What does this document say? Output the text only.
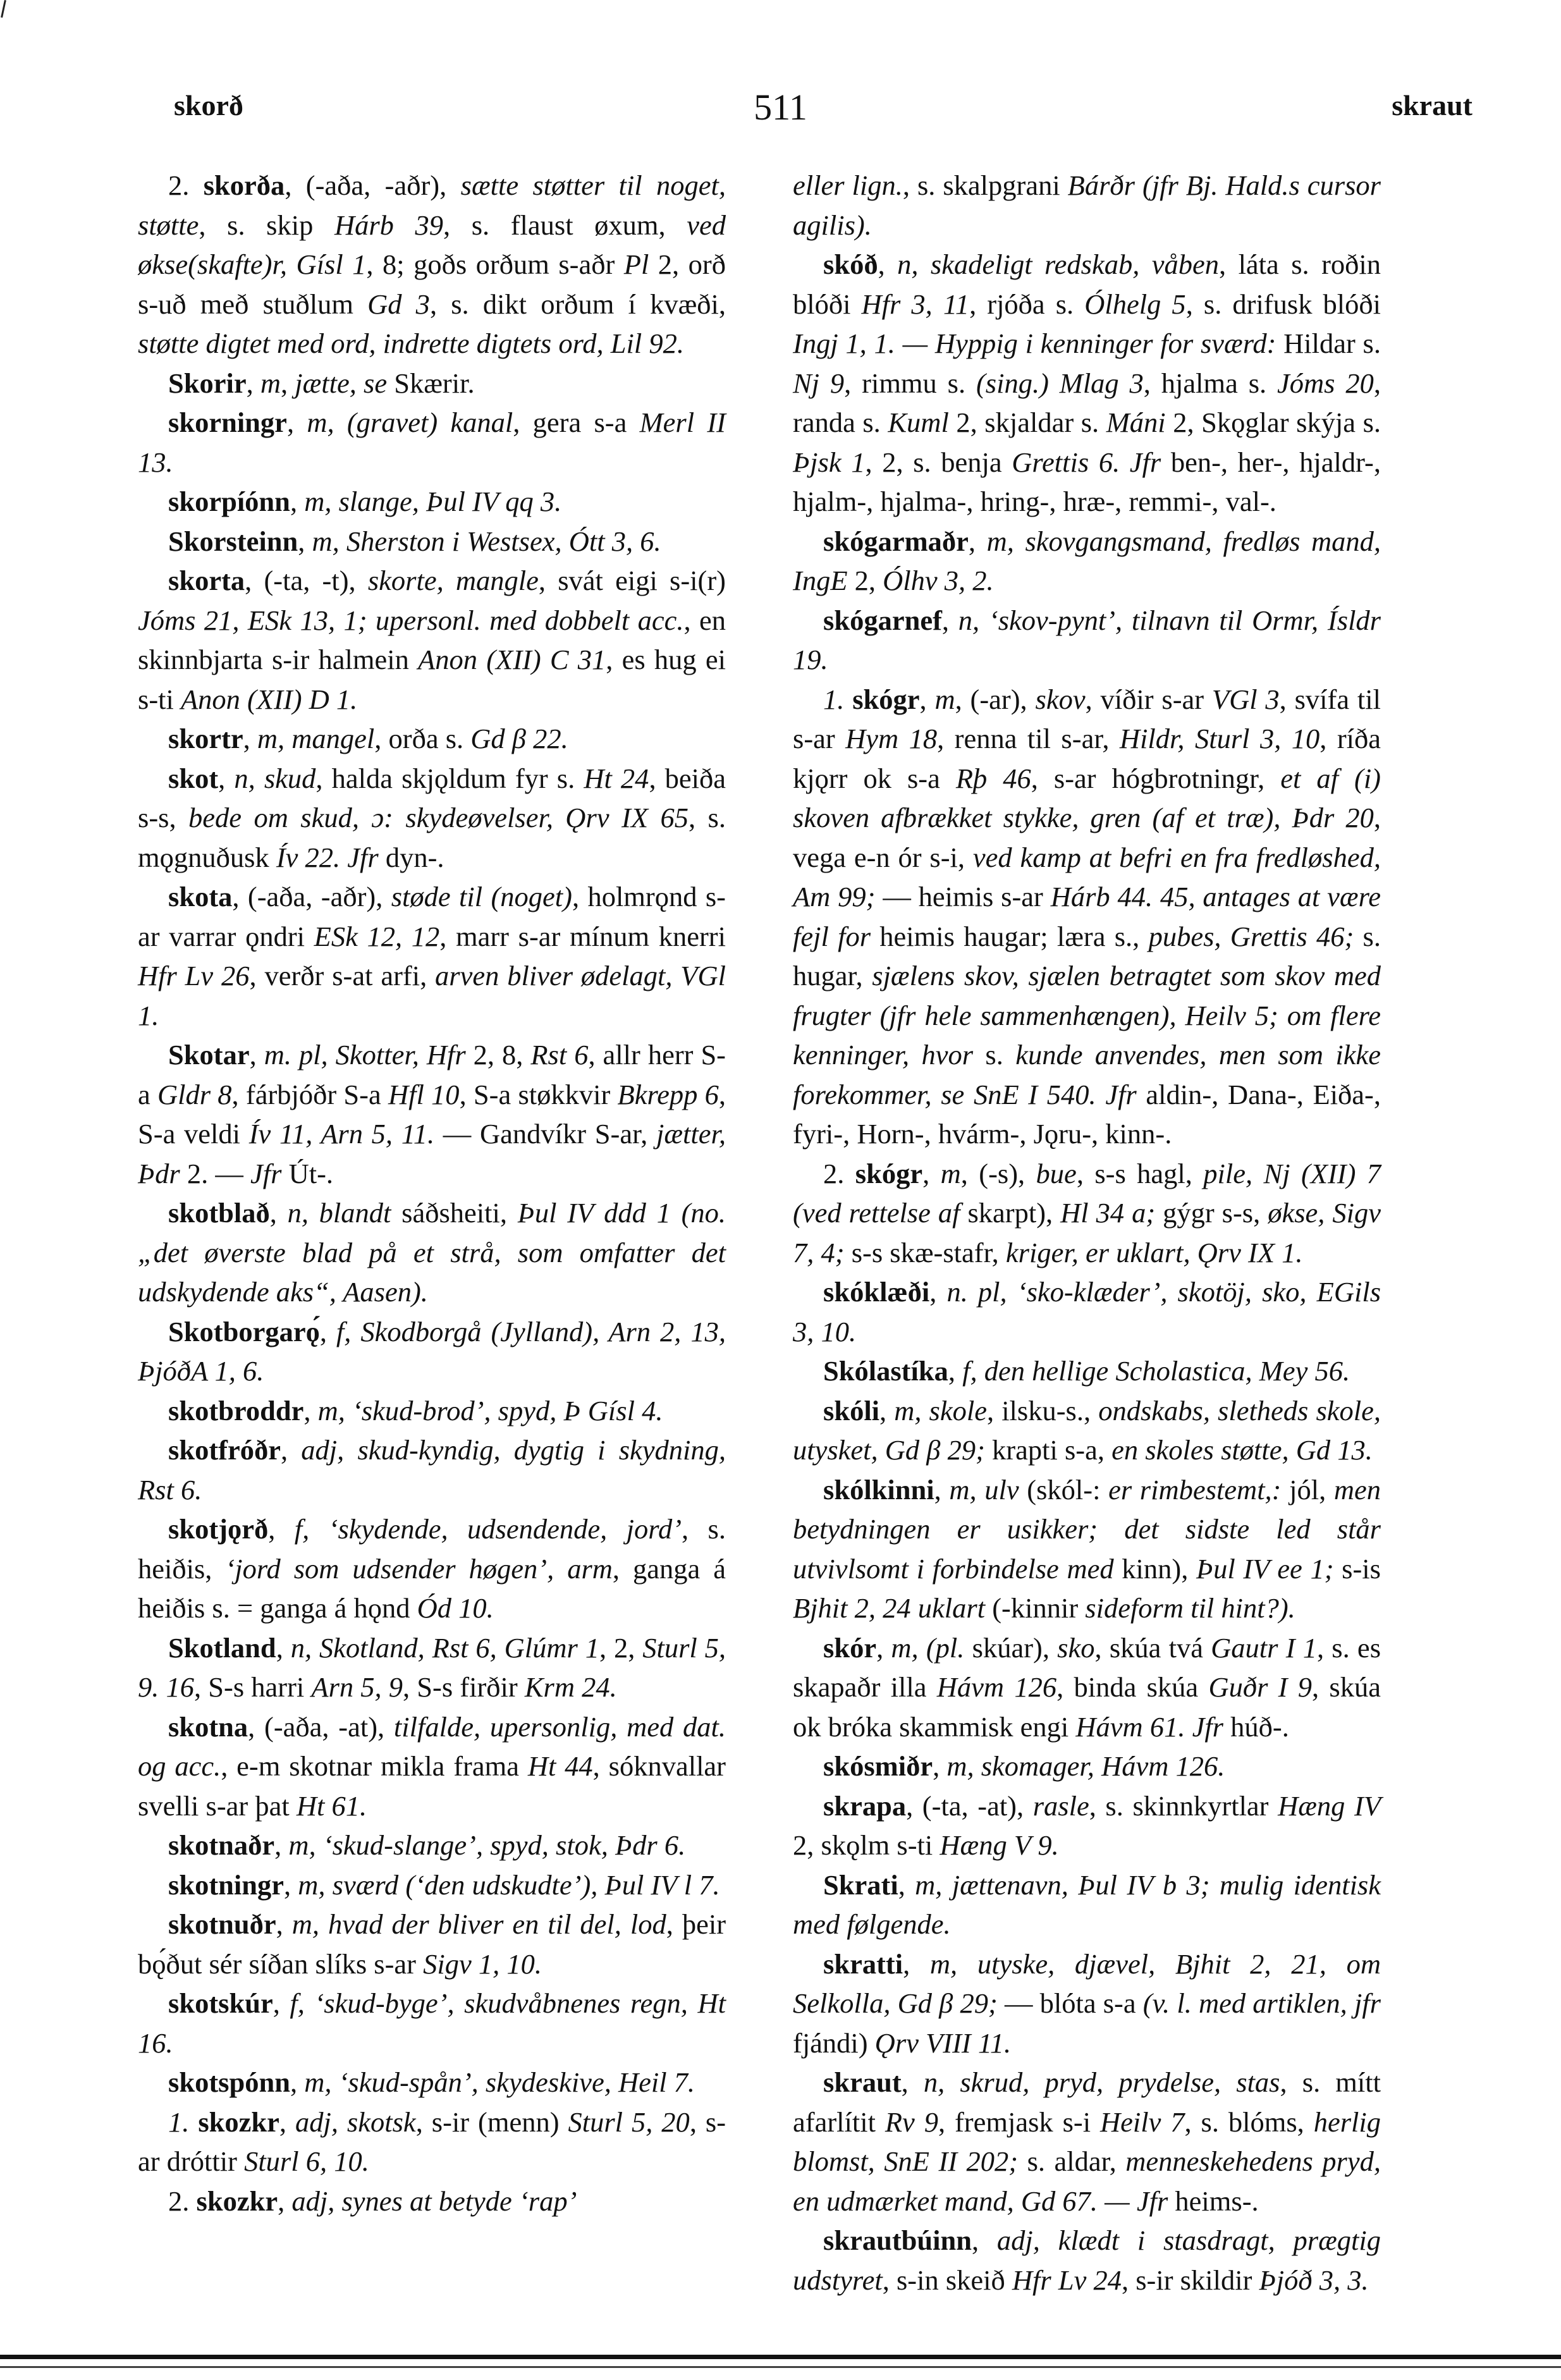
skorð	511	skraut

2. skorða, (-aða, -aðr), sætte støtter til noget, støtte, s. skip Hárb 39, s. flaust øxum, ved økse(skafte)r, Gísl 1, 8; goðs orðum s-aðr Pl 2, orð s-uð með stuðlum Gd 3, s. dikt orðum í kvæði, støtte digtet med ord, indrette digtets ord, Lil 92.

Skorir, m, jætte, se Skærir.

skorningr, m, (gravet) kanal, gera s-a Merl II 13.

skorpíónn, m, slange, Þul IV qq 3.

Skorsteinn, m, Sherston i Westsex, Ótt 3, 6.

skorta, (-ta, -t), skorte, mangle, svát eigi s-i(r) Jóms 21, ESk 13, 1; upersonl. med dobbelt acc., en skinnbjarta s-ir halmein Anon (XII) C 31, es hug ei s-ti Anon (XII) D 1.

skortr, m, mangel, orða s. Gd β 22.

skot, n, skud, halda skjǫldum fyr s. Ht 24, beiða s-s, bede om skud, ɔ: skydeøvelser, Ǫrv IX 65, s. mǫgnuðusk Ív 22. Jfr dyn-.

skota, (-aða, -aðr), støde til (noget), holmrǫnd s-ar varrar ǫndri ESk 12, 12, marr s-ar mínum knerri Hfr Lv 26, verðr s-at arfi, arven bliver ødelagt, VGl 1.

Skotar, m. pl, Skotter, Hfr 2, 8, Rst 6, allr herr S-a Gldr 8, fárbjóðr S-a Hfl 10, S-a støkkvir Bkrepp 6, S-a veldi Ív 11, Arn 5, 11. — Gandvíkr S-ar, jætter, Þdr 2. — Jfr Út-.

skotblað, n, blandt sáðsheiti, Þul IV ddd 1 (no. „det øverste blad på et strå, som omfatter det udskydende aks“, Aasen).

Skotborgarǫ́, f, Skodborgå (Jylland), Arn 2, 13, ÞjóðA 1, 6.

skotbroddr, m, ‘skud-brod’, spyd, Þ Gísl 4.

skotfróðr, adj, skud-kyndig, dygtig i skydning, Rst 6.

skotjǫrð, f, ‘skydende, udsendende, jord’, s. heiðis, ‘jord som udsender høgen’, arm, ganga á heiðis s. = ganga á hǫnd Ód 10.

Skotland, n, Skotland, Rst 6, Glúmr 1, 2, Sturl 5, 9. 16, S-s harri Arn 5, 9, S-s firðir Krm 24.

skotna, (-aða, -at), tilfalde, upersonlig, med dat. og acc., e-m skotnar mikla frama Ht 44, sóknvallar svelli s-ar þat Ht 61.

skotnaðr, m, ‘skud-slange’, spyd, stok, Þdr 6.

skotningr, m, sværd (‘den udskudte’), Þul IV l 7.

skotnuðr, m, hvad der bliver en til del, lod, þeir bǫ́ðut sér síðan slíks s-ar Sigv 1, 10.

skotskúr, f, ‘skud-byge’, skudvåbnenes regn, Ht 16.

skotspónn, m, ‘skud-spån’, skydeskive, Heil 7.

1. skozkr, adj, skotsk, s-ir (menn) Sturl 5, 20, s-ar dróttir Sturl 6, 10.

2. skozkr, adj, synes at betyde ‘rap’

eller lign., s. skalpgrani Bárðr (jfr Bj. Hald.s cursor agilis).

skóð, n, skadeligt redskab, våben, láta s. roðin blóði Hfr 3, 11, rjóða s. Ólhelg 5, s. drifusk blóði Ingj 1, 1. — Hyppig i kenninger for sværd: Hildar s. Nj 9, rimmu s. (sing.) Mlag 3, hjalma s. Jóms 20, randa s. Kuml 2, skjaldar s. Máni 2, Skǫglar skýja s. Þjsk 1, 2, s. benja Grettis 6. Jfr ben-, her-, hjaldr-, hjalm-, hjalma-, hring-, hræ-, remmi-, val-.

skógarmaðr, m, skovgangsmand, fredløs mand, IngE 2, Ólhv 3, 2.

skógarnef, n, ‘skov-pynt’, tilnavn til Ormr, Ísldr 19.

1. skógr, m, (-ar), skov, víðir s-ar VGl 3, svífa til s-ar Hym 18, renna til s-ar, Hildr, Sturl 3, 10, ríða kjǫrr ok s-a Rþ 46, s-ar hógbrotningr, et af (i) skoven afbrækket stykke, gren (af et træ), Þdr 20, vega e-n ór s-i, ved kamp at befri en fra fredløshed, Am 99; — heimis s-ar Hárb 44. 45, antages at være fejl for heimis haugar; læra s., pubes, Grettis 46; s. hugar, sjælens skov, sjælen betragtet som skov med frugter (jfr hele sammenhængen), Heilv 5; om flere kenninger, hvor s. kunde anvendes, men som ikke forekommer, se SnE I 540. Jfr aldin-, Dana-, Eiða-, fyri-, Horn-, hvárm-, Jǫru-, kinn-.

2. skógr, m, (-s), bue, s-s hagl, pile, Nj (XII) 7 (ved rettelse af skarpt), Hl 34 a; gýgr s-s, økse, Sigv 7, 4; s-s skæ-stafr, kriger, er uklart, Ǫrv IX 1.

skóklæði, n. pl, ‘sko-klæder’, skotöj, sko, EGils 3, 10.

Skólastíka, f, den hellige Scholastica, Mey 56.

skóli, m, skole, ilsku-s., ondskabs, sletheds skole, utysket, Gd β 29; krapti s-a, en skoles støtte, Gd 13.

skólkinni, m, ulv (skól-: er rimbestemt,: jól, men betydningen er usikker; det sidste led står utvivlsomt i forbindelse med kinn), Þul IV ee 1; s-is Bjhit 2, 24 uklart (-kinnir sideform til hint?).

skór, m, (pl. skúar), sko, skúa tvá Gautr I 1, s. es skapaðr illa Hávm 126, binda skúa Guðr I 9, skúa ok bróka skammisk engi Hávm 61. Jfr húð-.

skósmiðr, m, skomager, Hávm 126.

skrapa, (-ta, -at), rasle, s. skinnkyrtlar Hæng IV 2, skǫlm s-ti Hæng V 9.

Skrati, m, jættenavn, Þul IV b 3; mulig identisk med følgende.

skratti, m, utyske, djævel, Bjhit 2, 21, om Selkolla, Gd β 29; — blóta s-a (v. l. med artiklen, jfr fjándi) Ǫrv VIII 11.

skraut, n, skrud, pryd, prydelse, stas, s. mítt afarlítit Rv 9, fremjask s-i Heilv 7, s. blóms, herlig blomst, SnE II 202; s. aldar, menneskehedens pryd, en udmærket mand, Gd 67. — Jfr heims-.

skrautbúinn, adj, klædt i stasdragt, prægtig udstyret, s-in skeið Hfr Lv 24, s-ir skildir Þjóð 3, 3.
